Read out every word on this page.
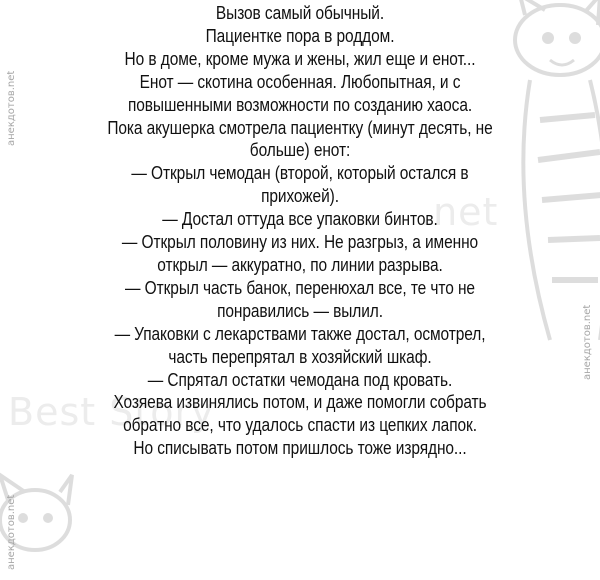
.net
Best Story
анекдотов.net
анекдотов.net
анекдотов.net
Вызов самый обычный.
Пациентке пора в роддом.
Но в доме, кроме мужа и жены, жил еще и енот...
Енот — скотина особенная. Любопытная, и с
повышенными возможности по созданию хаоса.
Пока акушерка смотрела пациентку (минут десять, не
больше) енот:
— Открыл чемодан (второй, который остался в
прихожей).
— Достал оттуда все упаковки бинтов.
— Открыл половину из них. Не разгрыз, а именно
открыл — аккуратно, по линии разрыва.
— Открыл часть банок, перенюхал все, те что не
понравились — вылил.
— Упаковки с лекарствами также достал, осмотрел,
часть перепрятал в хозяйский шкаф.
— Спрятал остатки чемодана под кровать.
Хозяева извинялись потом, и даже помогли собрать
обратно все, что удалось спасти из цепких лапок.
Но списывать потом пришлось тоже изрядно...
